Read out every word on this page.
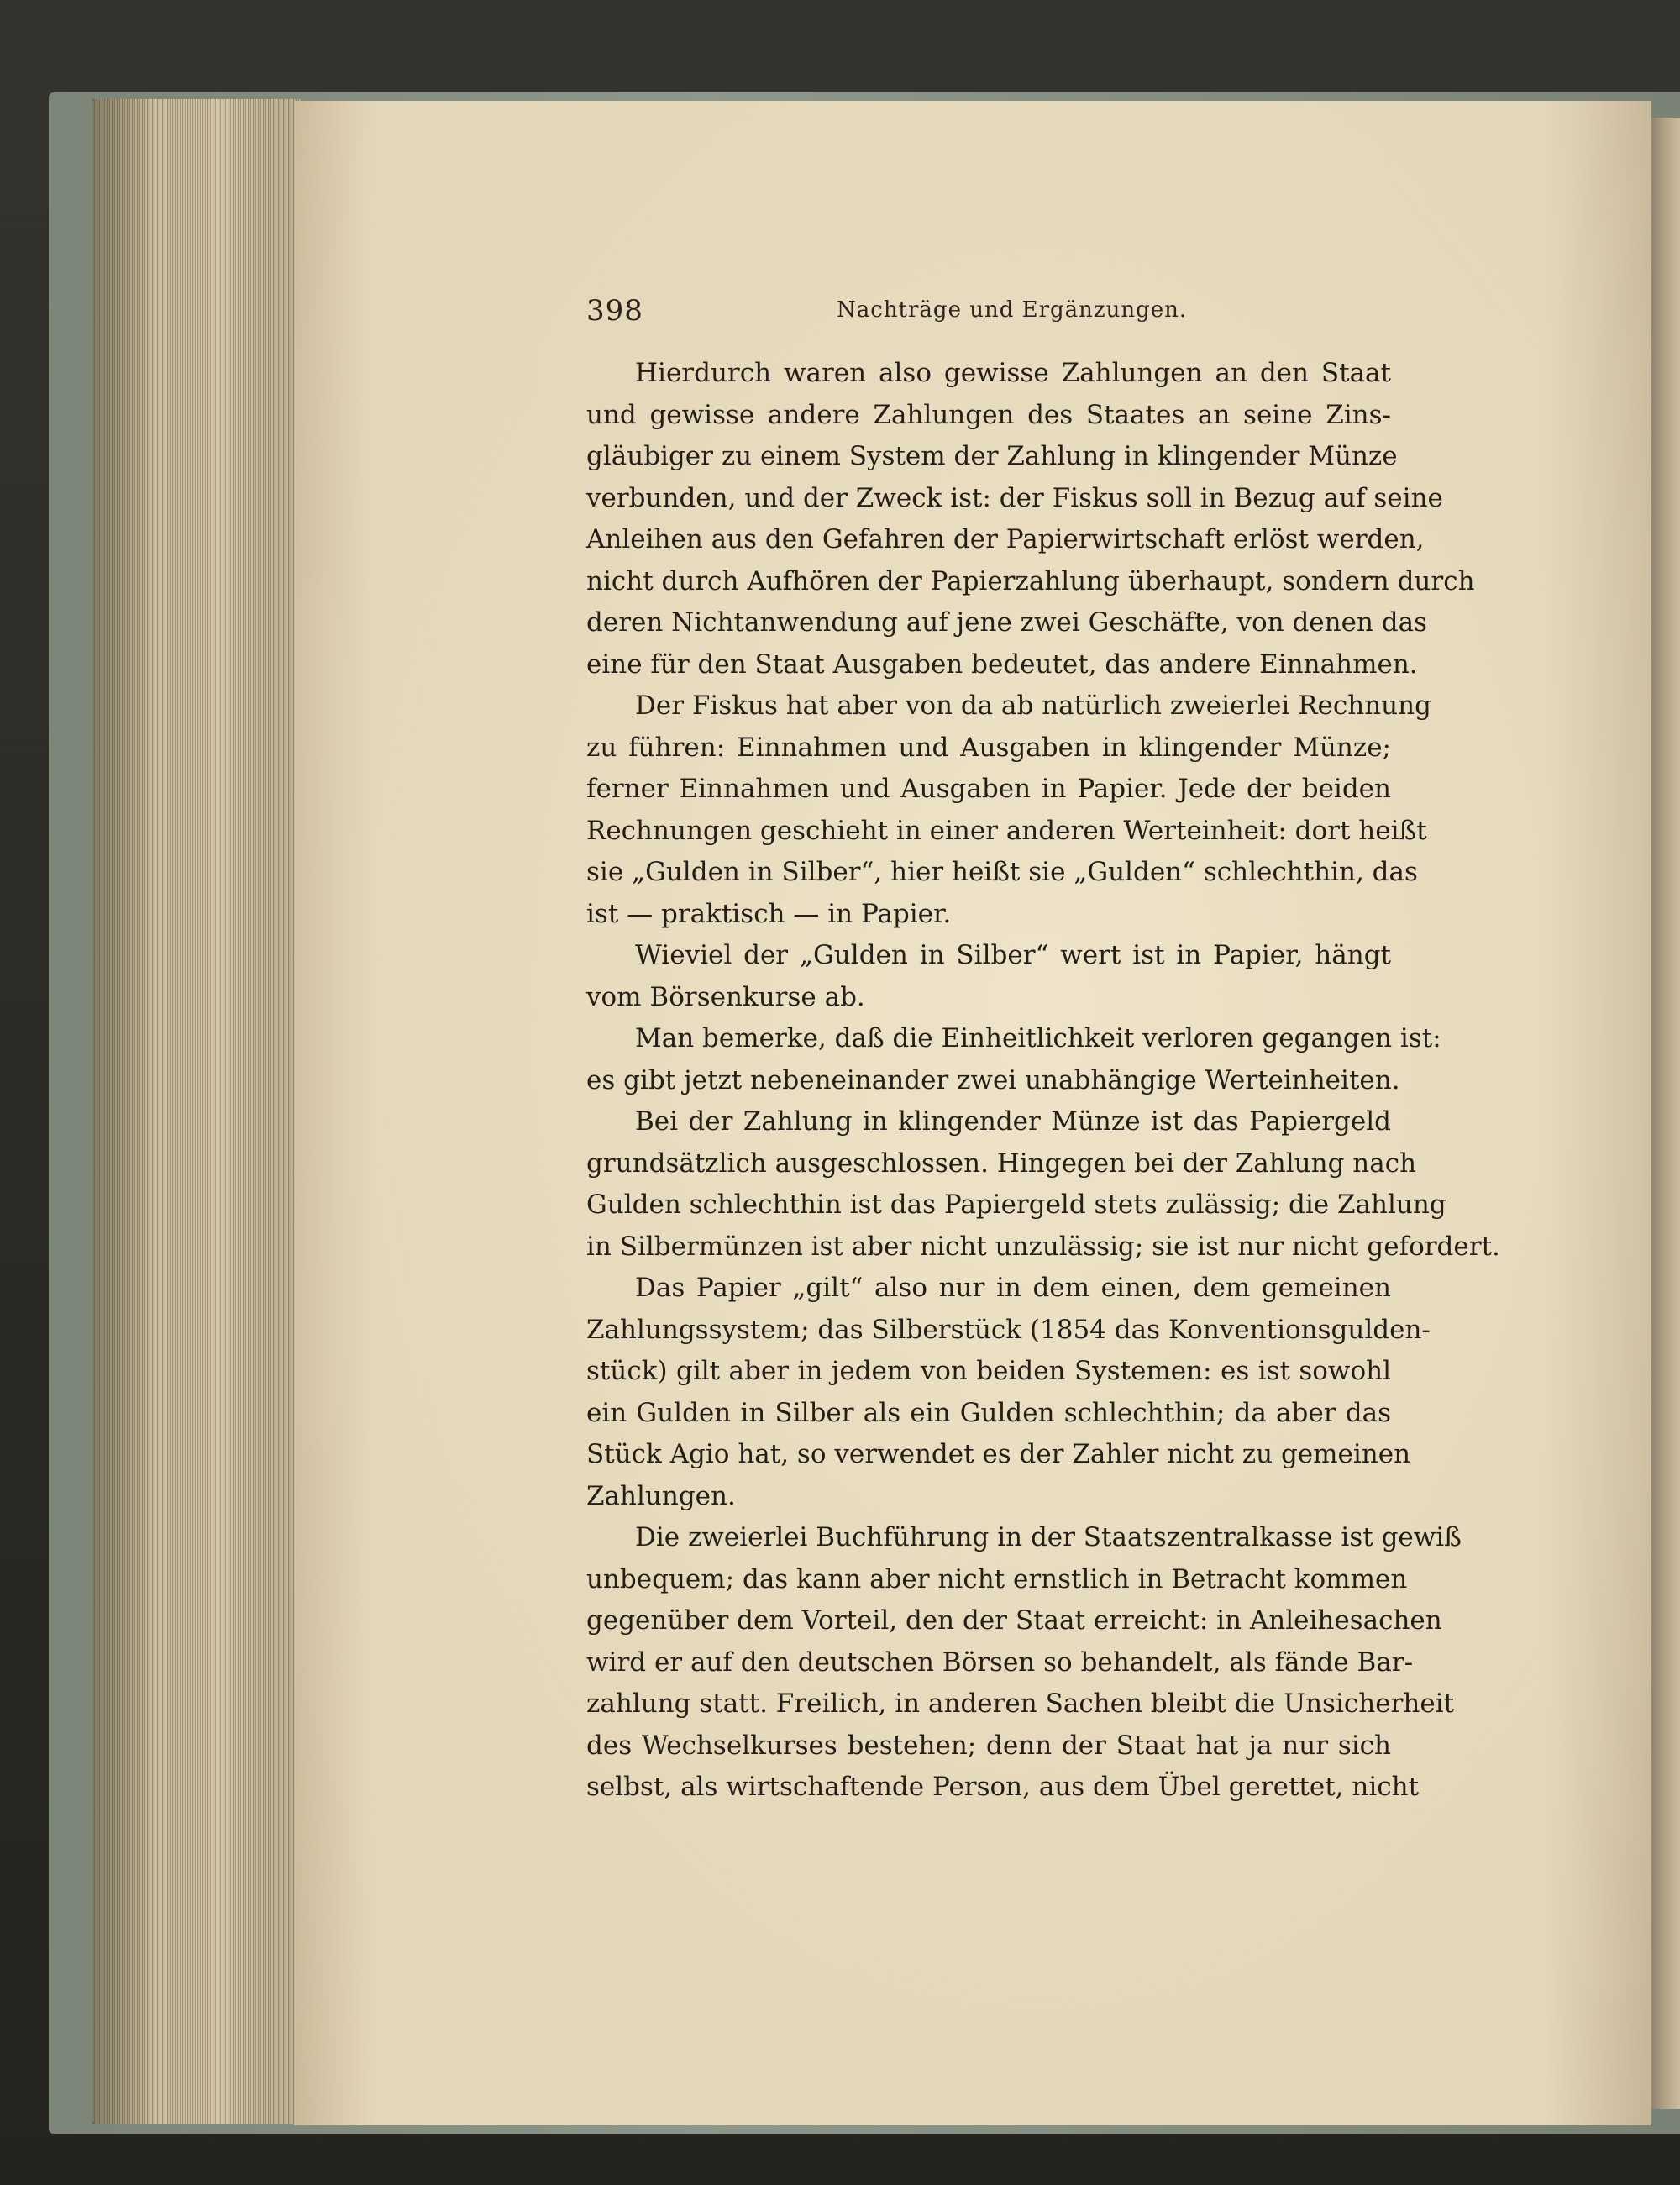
398	Nachträge und Ergänzungen.
Hierdurch waren also gewisse Zahlungen an den Staat
und gewisse andere Zahlungen des Staates an seine Zins-
gläubiger zu einem System der Zahlung in klingender Münze
verbunden, und der Zweck ist: der Fiskus soll in Bezug auf seine
Anleihen aus den Gefahren der Papierwirtschaft erlöst werden,
nicht durch Aufhören der Papierzahlung überhaupt, sondern durch
deren Nichtanwendung auf jene zwei Geschäfte, von denen das
eine für den Staat Ausgaben bedeutet, das andere Einnahmen.
Der Fiskus hat aber von da ab natürlich zweierlei Rechnung
zu führen: Einnahmen und Ausgaben in klingender Münze;
ferner Einnahmen und Ausgaben in Papier. Jede der beiden
Rechnungen geschieht in einer anderen Werteinheit: dort heißt
sie „Gulden in Silber“, hier heißt sie „Gulden“ schlechthin, das
ist — praktisch — in Papier.
Wieviel der „Gulden in Silber“ wert ist in Papier, hängt
vom Börsenkurse ab.
Man bemerke, daß die Einheitlichkeit verloren gegangen ist:
es gibt jetzt nebeneinander zwei unabhängige Werteinheiten.
Bei der Zahlung in klingender Münze ist das Papiergeld
grundsätzlich ausgeschlossen. Hingegen bei der Zahlung nach
Gulden schlechthin ist das Papiergeld stets zulässig; die Zahlung
in Silbermünzen ist aber nicht unzulässig; sie ist nur nicht gefordert.
Das Papier „gilt“ also nur in dem einen, dem gemeinen
Zahlungssystem; das Silberstück (1854 das Konventionsgulden-
stück) gilt aber in jedem von beiden Systemen: es ist sowohl
ein Gulden in Silber als ein Gulden schlechthin; da aber das
Stück Agio hat, so verwendet es der Zahler nicht zu gemeinen
Zahlungen.
Die zweierlei Buchführung in der Staatszentralkasse ist gewiß
unbequem; das kann aber nicht ernstlich in Betracht kommen
gegenüber dem Vorteil, den der Staat erreicht: in Anleihesachen
wird er auf den deutschen Börsen so behandelt, als fände Bar-
zahlung statt. Freilich, in anderen Sachen bleibt die Unsicherheit
des Wechselkurses bestehen; denn der Staat hat ja nur sich
selbst, als wirtschaftende Person, aus dem Übel gerettet, nicht
